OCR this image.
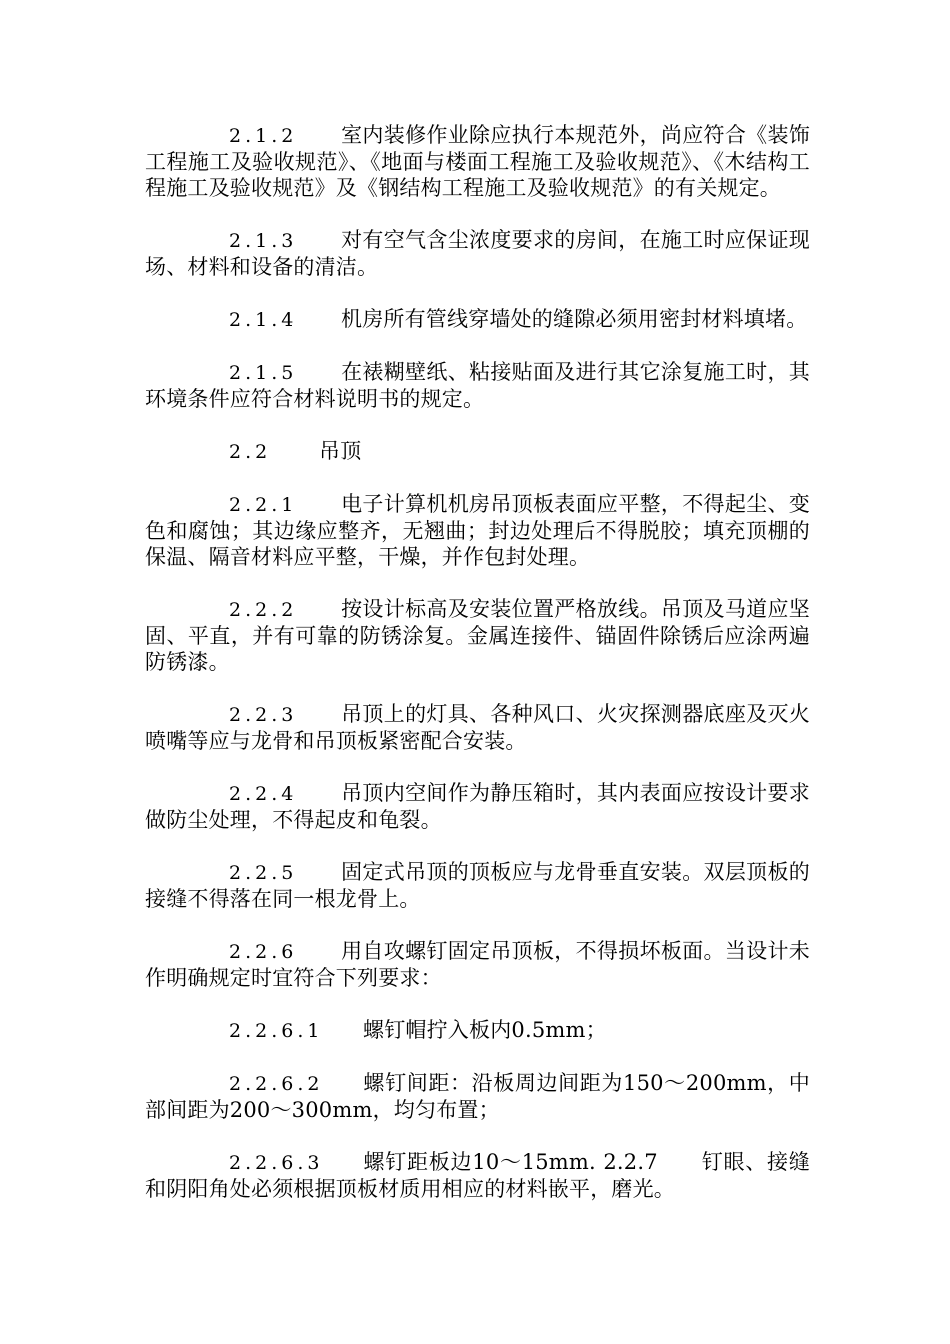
2.1.2 室内装修作业除应执行本规范外，尚应符合《装饰工程施工及验收规范》、《地面与楼面工程施工及验收规范》、《木结构工程施工及验收规范》及《钢结构工程施工及验收规范》的有关规定。

2.1.3 对有空气含尘浓度要求的房间，在施工时应保证现场、材料和设备的清洁。

2.1.4 机房所有管线穿墙处的缝隙必须用密封材料填堵。

2.1.5 在裱糊壁纸、粘接贴面及进行其它涂复施工时，其环境条件应符合材料说明书的规定。

2.2 吊顶

2.2.1 电子计算机机房吊顶板表面应平整，不得起尘、变色和腐蚀；其边缘应整齐，无翘曲；封边处理后不得脱胶；填充顶棚的保温、隔音材料应平整，干燥，并作包封处理。

2.2.2 按设计标高及安装位置严格放线。吊顶及马道应坚固、平直，并有可靠的防锈涂复。金属连接件、锚固件除锈后应涂两遍防锈漆。

2.2.3 吊顶上的灯具、各种风口、火灾探测器底座及灭火喷嘴等应与龙骨和吊顶板紧密配合安装。

2.2.4 吊顶内空间作为静压箱时，其内表面应按设计要求做防尘处理，不得起皮和龟裂。

2.2.5 固定式吊顶的顶板应与龙骨垂直安装。双层顶板的接缝不得落在同一根龙骨上。

2.2.6 用自攻螺钉固定吊顶板，不得损坏板面。当设计未作明确规定时宜符合下列要求：

2.2.6.1 螺钉帽拧入板内0.5mm；

2.2.6.2 螺钉间距：沿板周边间距为150～200mm，中部间距为200～300mm，均匀布置；

2.2.6.3 螺钉距板边10～15mm. 2.2.7　　钉眼、接缝和阴阳角处必须根据顶板材质用相应的材料嵌平，磨光。
